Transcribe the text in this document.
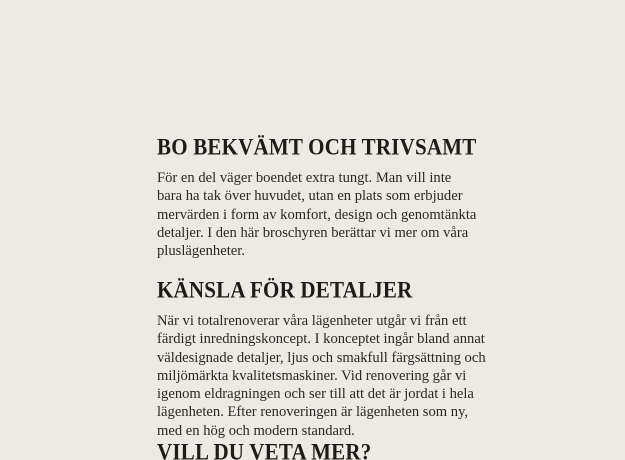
BO BEKVÄMT OCH TRIVSAMT

För en del väger boendet extra tungt. Man vill inte
bara ha tak över huvudet, utan en plats som erbjuder
mervärden i form av komfort, design och genomtänkta
detaljer. I den här broschyren berättar vi mer om våra
pluslägenheter.

KÄNSLA FÖR DETALJER

När vi totalrenoverar våra lägenheter utgår vi från ett
färdigt inredningskoncept. I konceptet ingår bland annat
väldesignade detaljer, ljus och smakfull färgsättning och
miljömärkta kvalitetsmaskiner. Vid renovering går vi
igenom eldragningen och ser till att det är jordat i hela
lägenheten. Efter renoveringen är lägenheten som ny,
med en hög och modern standard.

VILL DU VETA MER?
